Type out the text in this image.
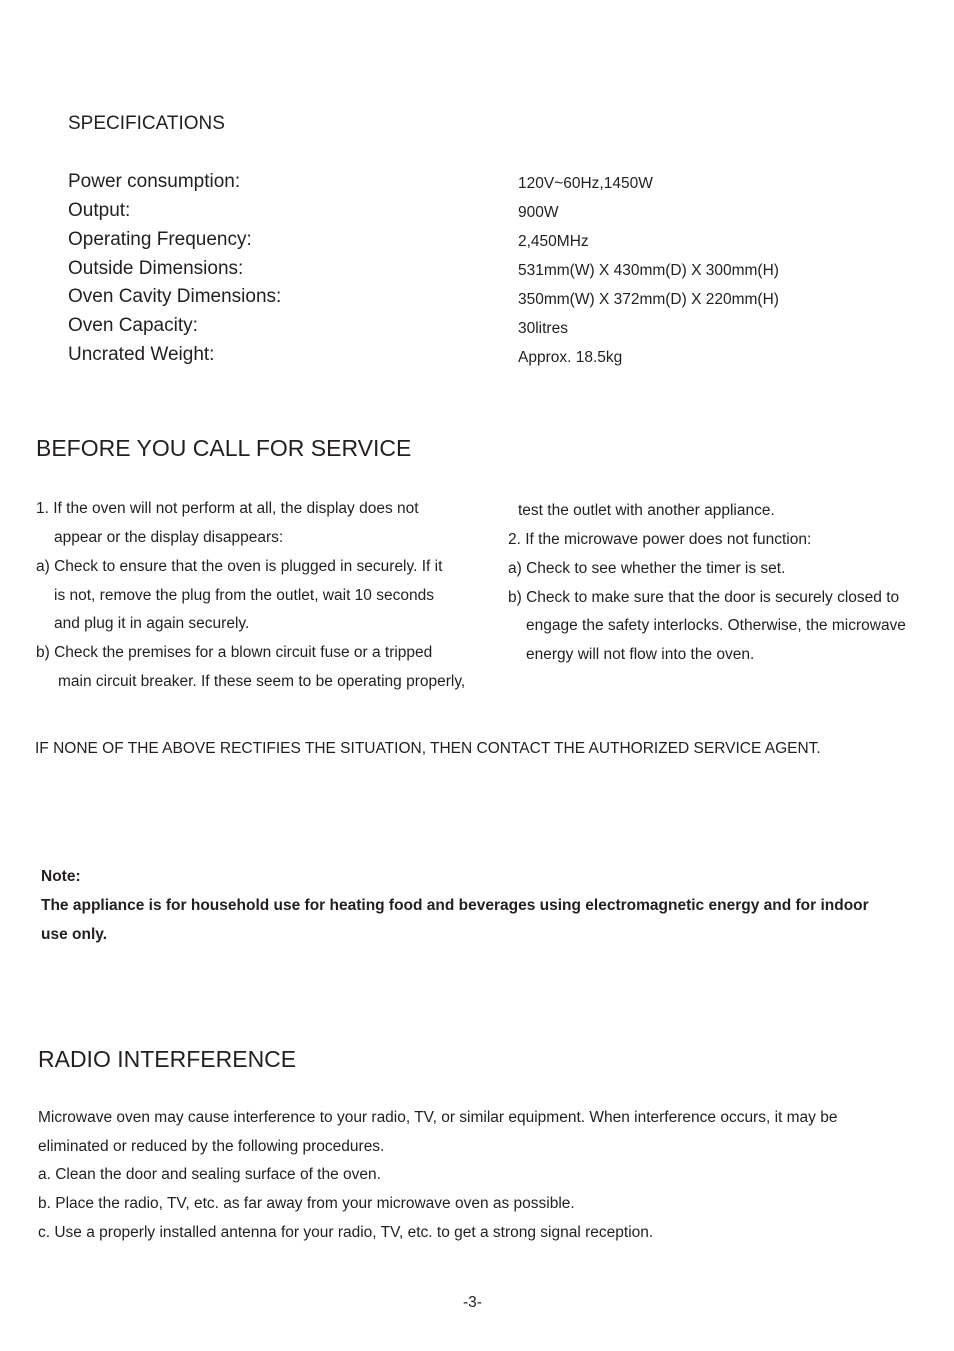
SPECIFICATIONS
Power consumption:	120V~60Hz,1450W
Output:	900W
Operating Frequency:	2,450MHz
Outside Dimensions:	531mm(W) X 430mm(D) X 300mm(H)
Oven Cavity Dimensions:	350mm(W) X 372mm(D) X 220mm(H)
Oven Capacity:	30litres
Uncrated Weight:	Approx. 18.5kg
BEFORE YOU CALL FOR SERVICE
1. If the oven will not perform at all, the display does not
appear or the display disappears:
a) Check to ensure that the oven is plugged in securely. If it
is not, remove the plug from the outlet, wait 10 seconds
and plug it in again securely.
b) Check the premises for a blown circuit fuse or a tripped
main circuit breaker. If these seem to be operating properly,
test the outlet with another appliance.
2. If the microwave power does not function:
a) Check to see whether the timer is set.
b) Check to make sure that the door is securely closed to
engage the safety interlocks. Otherwise, the microwave
energy will not flow into the oven.
IF NONE OF THE ABOVE RECTIFIES THE SITUATION, THEN CONTACT THE AUTHORIZED SERVICE AGENT.
Note:
The appliance is for household use for heating food and beverages using electromagnetic energy and for indoor
use only.
RADIO INTERFERENCE
Microwave oven may cause interference to your radio, TV, or similar equipment. When interference occurs, it may be
eliminated or reduced by the following procedures.
a. Clean the door and sealing surface of the oven.
b. Place the radio, TV, etc. as far away from your microwave oven as possible.
c. Use a properly installed antenna for your radio, TV, etc. to get a strong signal reception.
-3-
